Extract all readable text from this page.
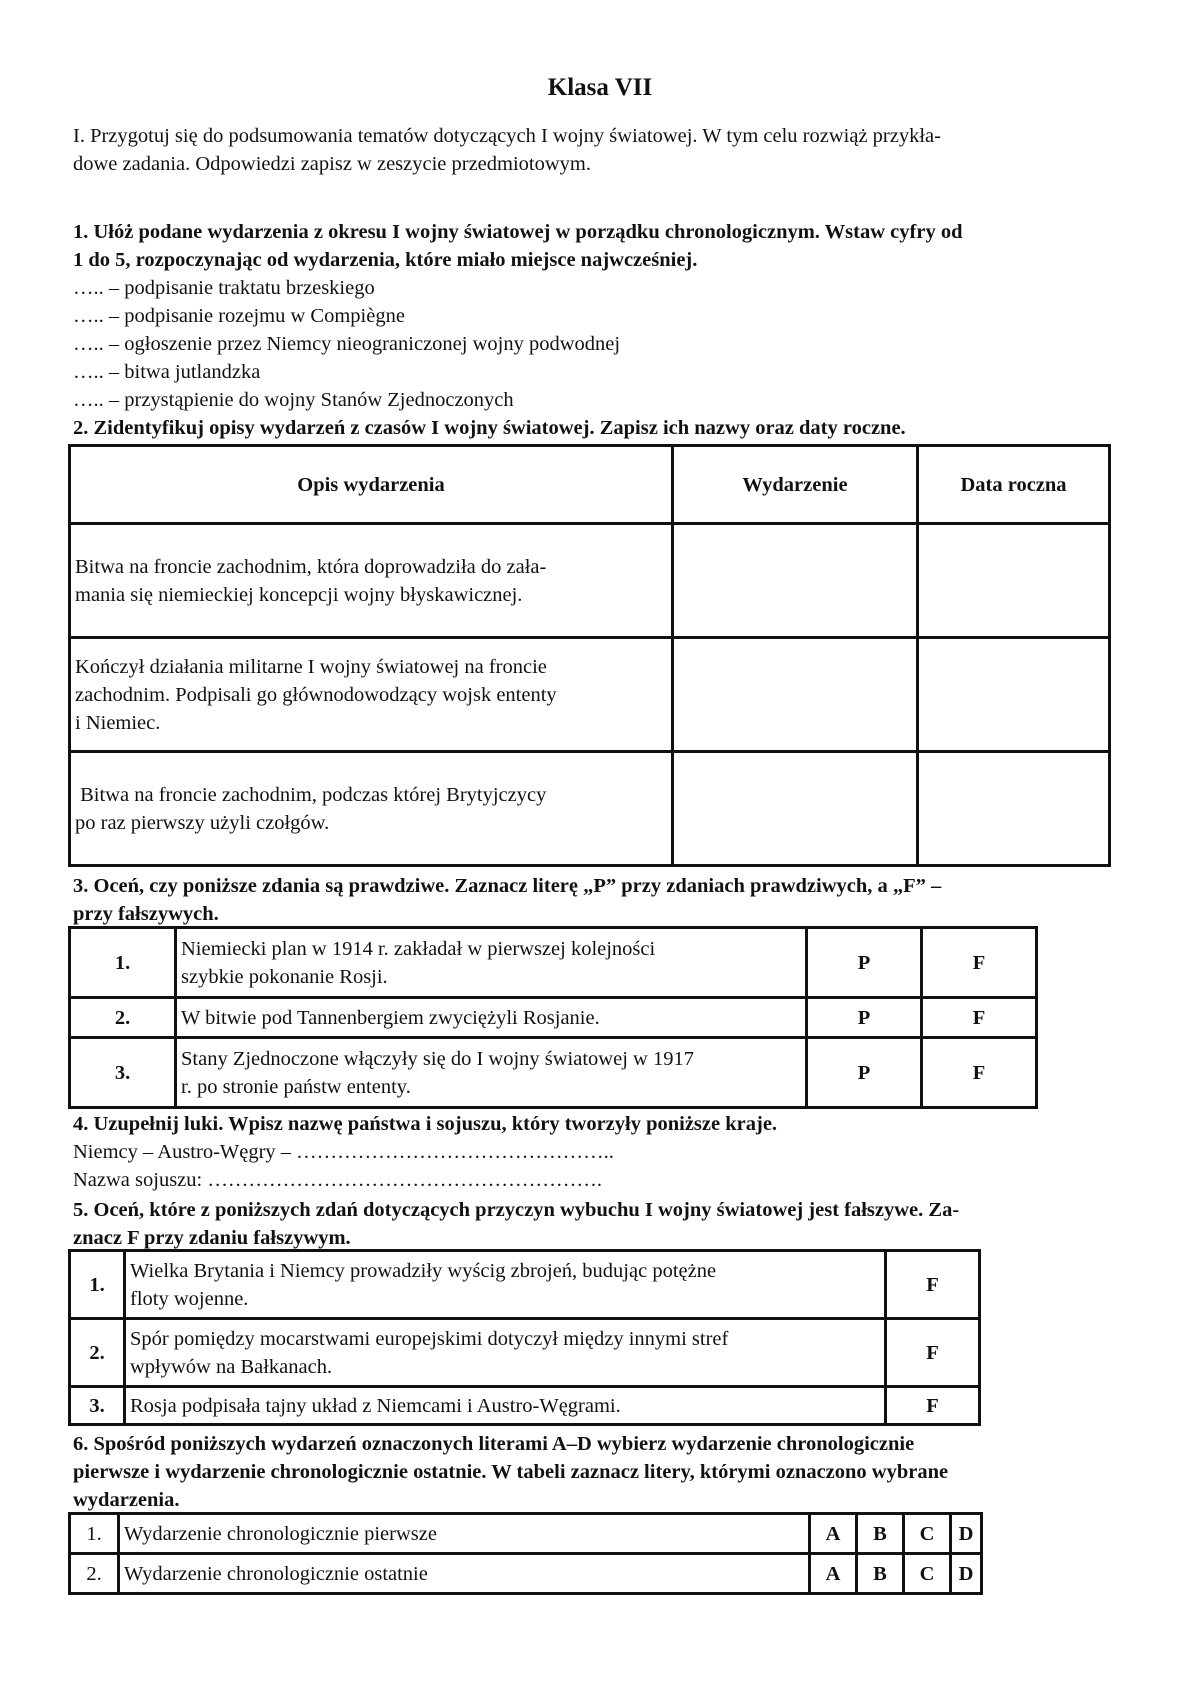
Klasa VII
I. Przygotuj się do podsumowania tematów dotyczących I wojny światowej. W tym celu rozwiąż przykła-
dowe zadania. Odpowiedzi zapisz w zeszycie przedmiotowym.
1. Ułóż podane wydarzenia z okresu I wojny światowej w porządku chronologicznym. Wstaw cyfry od
1 do 5, rozpoczynając od wydarzenia, które miało miejsce najwcześniej.
….. – podpisanie traktatu brzeskiego
….. – podpisanie rozejmu w Compiègne
….. – ogłoszenie przez Niemcy nieograniczonej wojny podwodnej
….. – bitwa jutlandzka
….. – przystąpienie do wojny Stanów Zjednoczonych
2. Zidentyfikuj opisy wydarzeń z czasów I wojny światowej. Zapisz ich nazwy oraz daty roczne.
Opis wydarzenia	Wydarzenie	Data roczna

Bitwa na froncie zachodnim, która doprowadziła do zała-
mania się niemieckiej koncepcji wojny błyskawicznej.		

Kończył działania militarne I wojny światowej na froncie
zachodnim. Podpisali go głównodowodzący wojsk ententy
i Niemiec.		

Bitwa na froncie zachodnim, podczas której Brytyjczycy
po raz pierwszy użyli czołgów.		

3. Oceń, czy poniższe zdania są prawdziwe. Zaznacz literę „P” przy zdaniach prawdziwych, a „F” –
przy fałszywych.
1.	Niemiecki plan w 1914 r. zakładał w pierwszej kolejności
szybkie pokonanie Rosji.	P	F
2.	W bitwie pod Tannenbergiem zwyciężyli Rosjanie.	P	F
3.	Stany Zjednoczone włączyły się do I wojny światowej w 1917
r. po stronie państw ententy.	P	F
4. Uzupełnij luki. Wpisz nazwę państwa i sojuszu, który tworzyły poniższe kraje.
Niemcy – Austro-Węgry – ………………………………………..
Nazwa sojuszu: ………………………………………………….
5. Oceń, które z poniższych zdań dotyczących przyczyn wybuchu I wojny światowej jest fałszywe. Za-
znacz F przy zdaniu fałszywym.
1.	Wielka Brytania i Niemcy prowadziły wyścig zbrojeń, budując potężne
floty wojenne.	F
2.	Spór pomiędzy mocarstwami europejskimi dotyczył między innymi stref
wpływów na Bałkanach.	F
3.	Rosja podpisała tajny układ z Niemcami i Austro-Węgrami.	F
6. Spośród poniższych wydarzeń oznaczonych literami A–D wybierz wydarzenie chronologicznie
pierwsze i wydarzenie chronologicznie ostatnie. W tabeli zaznacz litery, którymi oznaczono wybrane
wydarzenia.
1.	Wydarzenie chronologicznie pierwsze	A	B	C	D
2.	Wydarzenie chronologicznie ostatnie	A	B	C	D
